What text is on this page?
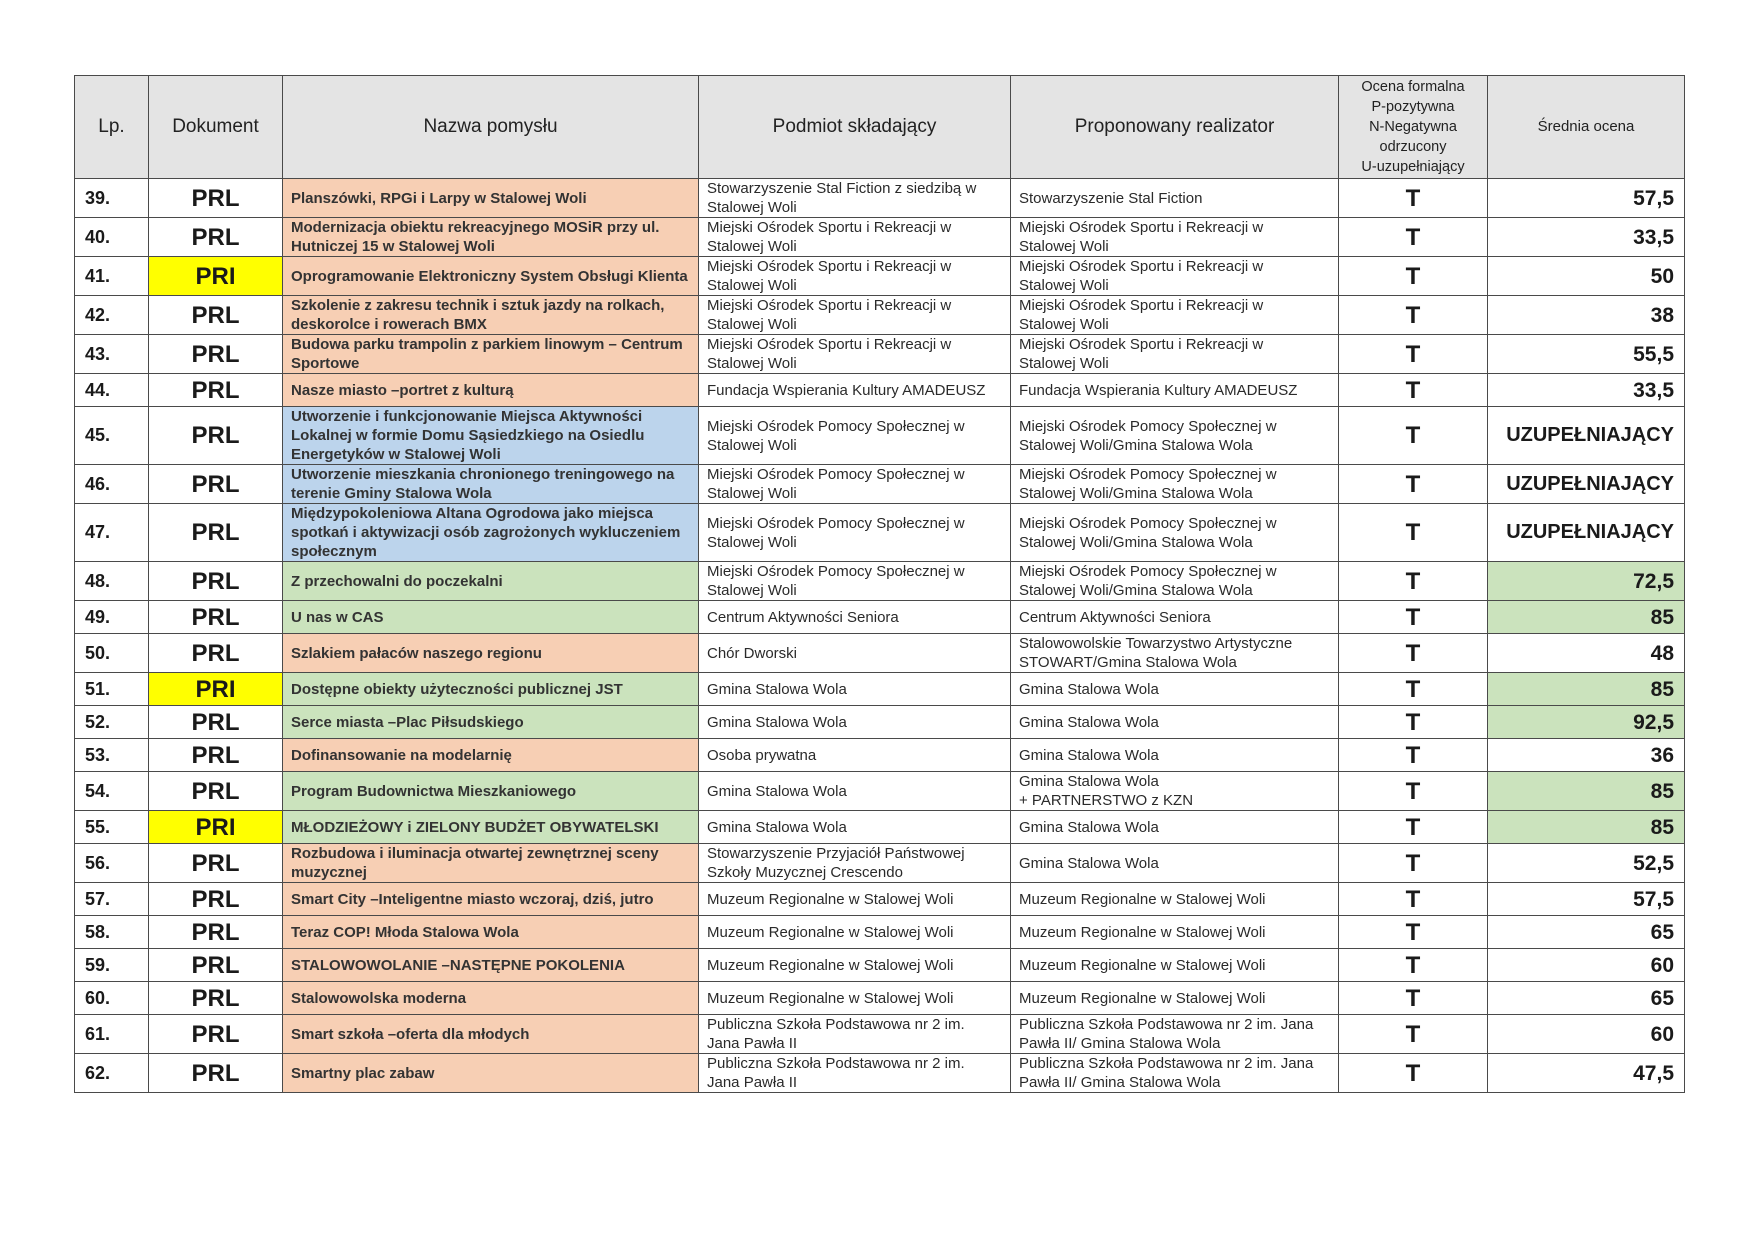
Lp.	Dokument	Nazwa pomysłu	Podmiot składający	Proponowany realizator	Ocena formalna
P-pozytywna
N-Negatywna
odrzucony
U-uzupełniający	Średnia ocena
39.	PRL	Planszówki, RPGi i Larpy w Stalowej Woli	Stowarzyszenie Stal Fiction z siedzibą w
Stalowej Woli	Stowarzyszenie Stal Fiction	T	57,5
40.	PRL	Modernizacja obiektu rekreacyjnego MOSiR przy ul. Hutniczej 15 w Stalowej Woli	Miejski Ośrodek Sportu i Rekreacji w
Stalowej Woli	Miejski Ośrodek Sportu i Rekreacji w
Stalowej Woli	T	33,5
41.	PRI	Oprogramowanie Elektroniczny System Obsługi Klienta	Miejski Ośrodek Sportu i Rekreacji w
Stalowej Woli	Miejski Ośrodek Sportu i Rekreacji w
Stalowej Woli	T	50
42.	PRL	Szkolenie z zakresu technik i sztuk jazdy na rolkach, deskorolce i rowerach BMX	Miejski Ośrodek Sportu i Rekreacji w
Stalowej Woli	Miejski Ośrodek Sportu i Rekreacji w
Stalowej Woli	T	38
43.	PRL	Budowa parku trampolin z parkiem linowym – Centrum Sportowe	Miejski Ośrodek Sportu i Rekreacji w
Stalowej Woli	Miejski Ośrodek Sportu i Rekreacji w
Stalowej Woli	T	55,5
44.	PRL	Nasze miasto –portret z kulturą	Fundacja Wspierania Kultury AMADEUSZ	Fundacja Wspierania Kultury AMADEUSZ	T	33,5
45.	PRL	Utworzenie i funkcjonowanie Miejsca Aktywności Lokalnej w formie Domu Sąsiedzkiego na Osiedlu Energetyków w Stalowej Woli	Miejski Ośrodek Pomocy Społecznej w
Stalowej Woli	Miejski Ośrodek Pomocy Społecznej w
Stalowej Woli/Gmina Stalowa Wola	T	UZUPEŁNIAJĄCY
46.	PRL	Utworzenie mieszkania chronionego treningowego na terenie Gminy Stalowa Wola	Miejski Ośrodek Pomocy Społecznej w
Stalowej Woli	Miejski Ośrodek Pomocy Społecznej w
Stalowej Woli/Gmina Stalowa Wola	T	UZUPEŁNIAJĄCY
47.	PRL	Międzypokoleniowa Altana Ogrodowa jako miejsca spotkań i aktywizacji osób zagrożonych wykluczeniem społecznym	Miejski Ośrodek Pomocy Społecznej w
Stalowej Woli	Miejski Ośrodek Pomocy Społecznej w
Stalowej Woli/Gmina Stalowa Wola	T	UZUPEŁNIAJĄCY
48.	PRL	Z przechowalni do poczekalni	Miejski Ośrodek Pomocy Społecznej w
Stalowej Woli	Miejski Ośrodek Pomocy Społecznej w
Stalowej Woli/Gmina Stalowa Wola	T	72,5
49.	PRL	U nas w CAS	Centrum Aktywności Seniora	Centrum Aktywności Seniora	T	85
50.	PRL	Szlakiem pałaców naszego regionu	Chór Dworski	Stalowowolskie Towarzystwo Artystyczne
STOWART/Gmina Stalowa Wola	T	48
51.	PRI	Dostępne obiekty użyteczności publicznej JST	Gmina Stalowa Wola	Gmina Stalowa Wola	T	85
52.	PRL	Serce miasta –Plac Piłsudskiego	Gmina Stalowa Wola	Gmina Stalowa Wola	T	92,5
53.	PRL	Dofinansowanie na modelarnię	Osoba prywatna	Gmina Stalowa Wola	T	36
54.	PRL	Program Budownictwa Mieszkaniowego	Gmina Stalowa Wola	Gmina Stalowa Wola
+ PARTNERSTWO z KZN	T	85
55.	PRI	MŁODZIEŻOWY i ZIELONY BUDŻET OBYWATELSKI	Gmina Stalowa Wola	Gmina Stalowa Wola	T	85
56.	PRL	Rozbudowa i iluminacja otwartej zewnętrznej sceny muzycznej	Stowarzyszenie Przyjaciół Państwowej
Szkoły Muzycznej Crescendo	Gmina Stalowa Wola	T	52,5
57.	PRL	Smart City –Inteligentne miasto wczoraj, dziś, jutro	Muzeum Regionalne w Stalowej Woli	Muzeum Regionalne w Stalowej Woli	T	57,5
58.	PRL	Teraz COP! Młoda Stalowa Wola	Muzeum Regionalne w Stalowej Woli	Muzeum Regionalne w Stalowej Woli	T	65
59.	PRL	STALOWOWOLANIE –NASTĘPNE POKOLENIA	Muzeum Regionalne w Stalowej Woli	Muzeum Regionalne w Stalowej Woli	T	60
60.	PRL	Stalowowolska moderna	Muzeum Regionalne w Stalowej Woli	Muzeum Regionalne w Stalowej Woli	T	65
61.	PRL	Smart szkoła –oferta dla młodych	Publiczna Szkoła Podstawowa nr 2 im.
Jana Pawła II	Publiczna Szkoła Podstawowa nr 2 im. Jana
Pawła II/ Gmina Stalowa Wola	T	60
62.	PRL	Smartny plac zabaw	Publiczna Szkoła Podstawowa nr 2 im.
Jana Pawła II	Publiczna Szkoła Podstawowa nr 2 im. Jana
Pawła II/ Gmina Stalowa Wola	T	47,5
